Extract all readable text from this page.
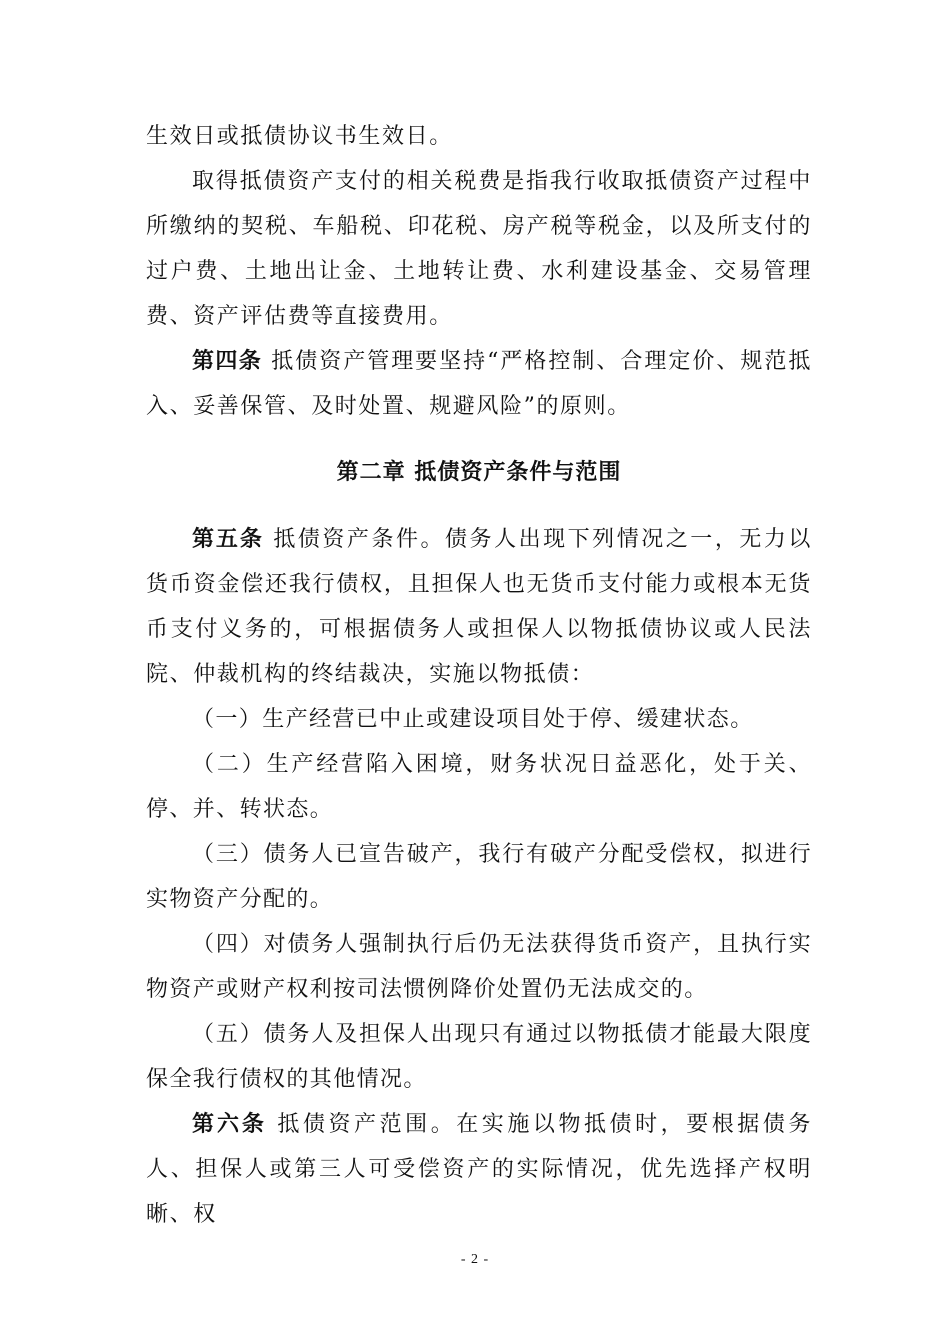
生效日或抵债协议书生效日。

取得抵债资产支付的相关税费是指我行收取抵债资产过程中所缴纳的契税、车船税、印花税、房产税等税金，以及所支付的过户费、土地出让金、土地转让费、水利建设基金、交易管理费、资产评估费等直接费用。

第四条 抵债资产管理要坚持“严格控制、合理定价、规范抵入、妥善保管、及时处置、规避风险”的原则。

第二章 抵债资产条件与范围

第五条 抵债资产条件。债务人出现下列情况之一，无力以货币资金偿还我行债权，且担保人也无货币支付能力或根本无货币支付义务的，可根据债务人或担保人以物抵债协议或人民法院、仲裁机构的终结裁决，实施以物抵债：

（一）生产经营已中止或建设项目处于停、缓建状态。

（二）生产经营陷入困境，财务状况日益恶化，处于关、停、并、转状态。

（三）债务人已宣告破产，我行有破产分配受偿权，拟进行实物资产分配的。

（四）对债务人强制执行后仍无法获得货币资产，且执行实物资产或财产权利按司法惯例降价处置仍无法成交的。

（五）债务人及担保人出现只有通过以物抵债才能最大限度保全我行债权的其他情况。

第六条 抵债资产范围。在实施以物抵债时，要根据债务人、担保人或第三人可受偿资产的实际情况，优先选择产权明晰、权

- 2 -
